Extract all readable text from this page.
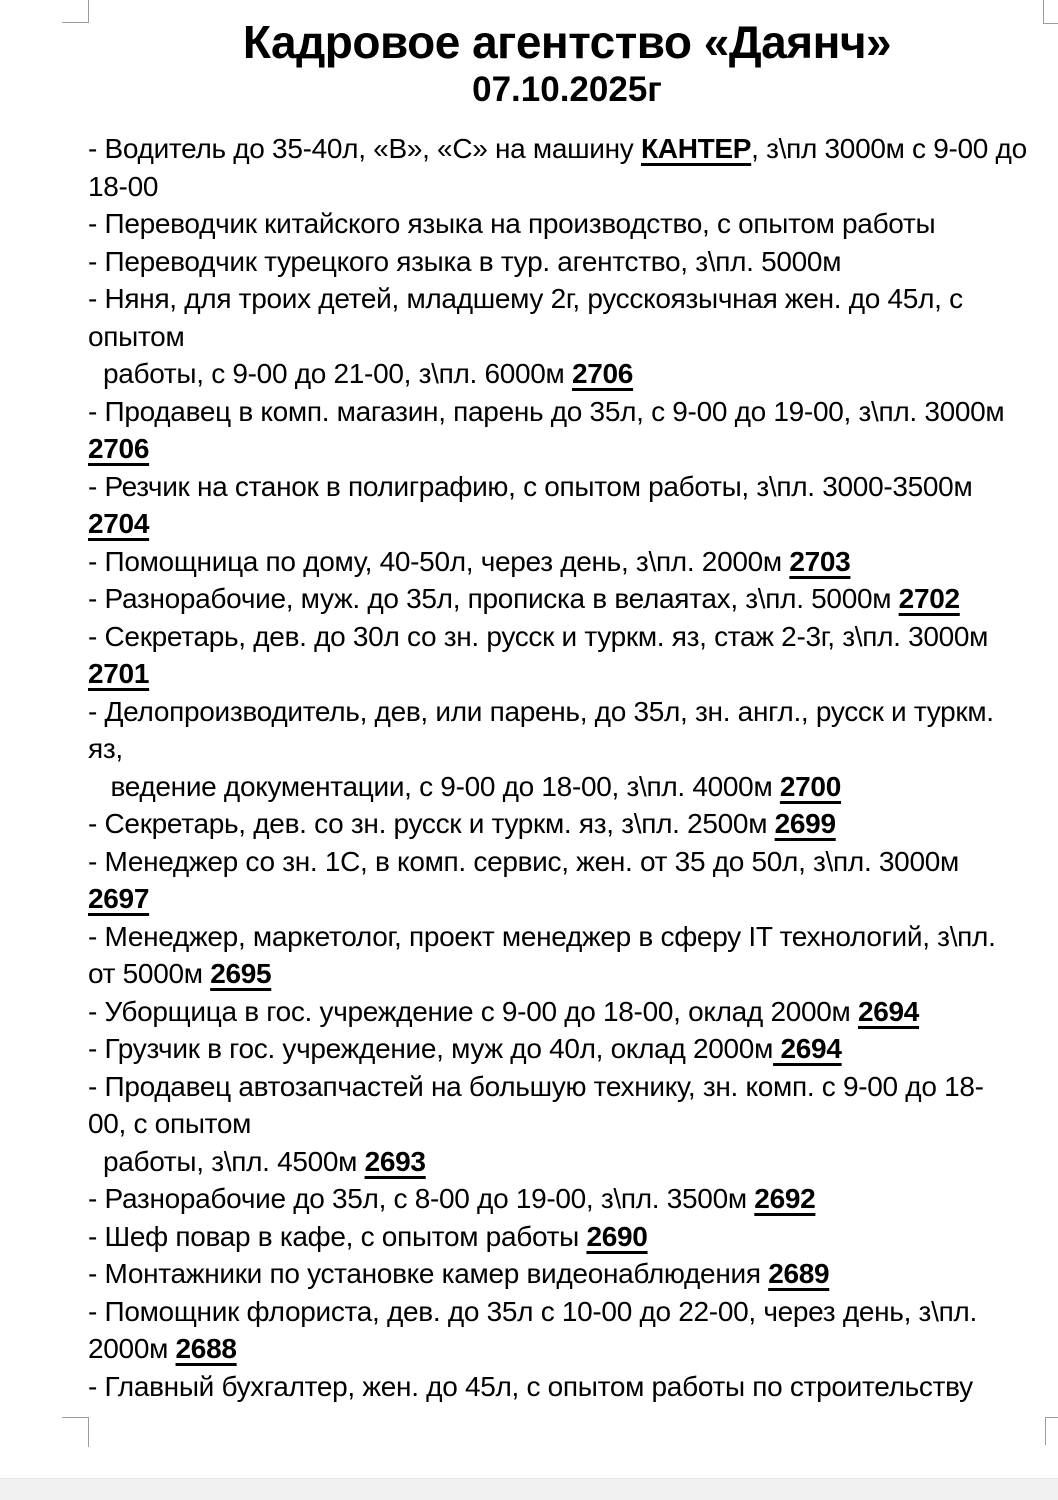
Кадровое агентство «Даянч»
07.10.2025г
- Водитель до 35-40л, «В», «С» на машину КАНТЕР, з\пл 3000м с 9-00 до
18-00
- Переводчик китайского языка на производство, с опытом работы
- Переводчик турецкого языка в тур. агентство, з\пл. 5000м
- Няня, для троих детей, младшему 2г, русскоязычная жен. до 45л, с
опытом
работы, с 9-00 до 21-00, з\пл. 6000м 2706
- Продавец в комп. магазин, парень до 35л, с 9-00 до 19-00, з\пл. 3000м
2706
- Резчик на станок в полиграфию, с опытом работы, з\пл. 3000-3500м
2704
- Помощница по дому, 40-50л, через день, з\пл. 2000м 2703
- Разнорабочие, муж. до 35л, прописка в велаятах, з\пл. 5000м 2702
- Секретарь, дев. до 30л со зн. русск и туркм. яз, стаж 2-3г, з\пл. 3000м
2701
- Делопроизводитель, дев, или парень, до 35л, зн. англ., русск и туркм.
яз,
ведение документации, с 9-00 до 18-00, з\пл. 4000м 2700
- Секретарь, дев. со зн. русск и туркм. яз, з\пл. 2500м 2699
- Менеджер со зн. 1С, в комп. сервис, жен. от 35 до 50л, з\пл. 3000м
2697
- Менеджер, маркетолог, проект менеджер в сферу IT технологий, з\пл.
от 5000м 2695
- Уборщица в гос. учреждение с 9-00 до 18-00, оклад 2000м 2694
- Грузчик в гос. учреждение, муж до 40л, оклад 2000м 2694
- Продавец автозапчастей на большую технику, зн. комп. с 9-00 до 18-
00, с опытом
работы, з\пл. 4500м 2693
- Разнорабочие до 35л, с 8-00 до 19-00, з\пл. 3500м 2692
- Шеф повар в кафе, с опытом работы 2690
- Монтажники по установке камер видеонаблюдения 2689
- Помощник флориста, дев. до 35л с 10-00 до 22-00, через день, з\пл.
2000м 2688
- Главный бухгалтер, жен. до 45л, с опытом работы по строительству
